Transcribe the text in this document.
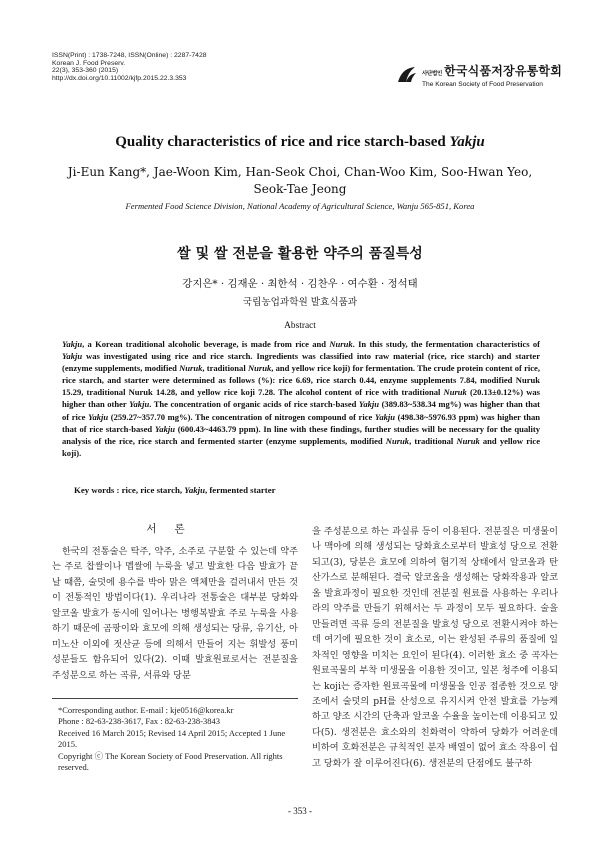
ISSN(Print) : 1738-7248, ISSN(Online) : 2287-7428
Korean J. Food Preserv.
22(3), 353-360 (2015)
http://dx.doi.org/10.11002/kjfp.2015.22.3.353
사단법인 한국식품저장유통학회
The Korean Society of Food Preservation
Quality characteristics of rice and rice starch-based Yakju
Ji-Eun Kang*, Jae-Woon Kim, Han-Seok Choi, Chan-Woo Kim, Soo-Hwan Yeo,
Seok-Tae Jeong
Fermented Food Science Division, National Academy of Agricultural Science, Wanju 565-851, Korea
쌀 및 쌀 전분을 활용한 약주의 품질특성
강지은* · 김재운 · 최한석 · 김찬우 · 여수환 · 정석태
국립농업과학원 발효식품과
Abstract
Yakju, a Korean traditional alcoholic beverage, is made from rice and Nuruk. In this study, the fermentation characteristics of Yakju was investigated using rice and rice starch. Ingredients was classified into raw material (rice, rice starch) and starter (enzyme supplements, modified Nuruk, traditional Nuruk, and yellow rice koji) for fermentation. The crude protein content of rice, rice starch, and starter were determined as follows (%): rice 6.69, rice starch 0.44, enzyme supplements 7.84, modified Nuruk 15.29, traditional Nuruk 14.28, and yellow rice koji 7.28. The alcohol content of rice with traditional Nuruk (20.13±0.12%) was higher than other Yakju. The concentration of organic acids of rice starch-based Yakju (389.83~538.34 mg%) was higher than that of rice Yakju (259.27~357.70 mg%). The concentration of nitrogen compound of rice Yakju (498.38~5976.93 ppm) was higher than that of rice starch-based Yakju (600.43~4463.79 ppm). In line with these findings, further studies will be necessary for the quality analysis of the rice, rice starch and fermented starter (enzyme supplements, modified Nuruk, traditional Nuruk and yellow rice koji).
Key words : rice, rice starch, Yakju, fermented starter
서론

한국의 전통술은 탁주, 약주, 소주로 구분할 수 있는데 약주는 주로 찹쌀이나 멥쌀에 누룩을 넣고 발효한 다음 발효가 끝날 때쯤, 술덧에 용수를 박아 맑은 액체만을 걸러내서 만든 것이 전통적인 방법이다(1). 우리나라 전통술은 대부분 당화와 알코올 발효가 동시에 일어나는 병행복발효 주로 누룩을 사용하기 때문에 곰팡이와 효모에 의해 생성되는 당류, 유기산, 아미노산 이외에 젓산균 등에 의해서 만들어 지는 휘발성 풍미 성분들도 함유되어 있다(2). 이때 발효원료로서는 전분질을 주성분으로 하는 곡류, 서류와 당분

*Corresponding author. E-mail : kje0516@korea.kr
Phone : 82-63-238-3617, Fax : 82-63-238-3843
Received 16 March 2015; Revised 14 April 2015; Accepted 1 June 2015.
Copyright ⓒ The Korean Society of Food Preservation. All rights reserved.

을 주성분으로 하는 과실류 등이 이용된다. 전분질은 미생물이나 맥아에 의해 생성되는 당화효소로부터 발효성 당으로 전환되고(3), 당분은 효모에 의하여 혐기적 상태에서 알코올과 탄산가스로 분해된다. 결국 알코올을 생성해는 당화작용과 알코올 발효과정이 필요한 것인데 전분질 원료를 사용하는 우리나라의 약주를 만들기 위해서는 두 과정이 모두 필요하다. 술을 만들려면 곡류 등의 전분질을 발효성 당으로 전환시켜야 하는데 여기에 필요한 것이 효소로, 이는 완성된 주류의 품질에 일차적인 영향을 미치는 요인이 된다(4). 이러한 효소 중 곡자는 원료곡물의 부착 미생물을 이용한 것이고, 일본 청주에 이용되는 koji는 증자한 원료곡물에 미생물을 인공 접종한 것으로 양조에서 술덧의 pH를 산성으로 유지시켜 안전 발효를 가능케 하고 양조 시간의 단축과 알코올 수율을 높이는데 이용되고 있다(5). 생전분은 효소와의 친화력이 약하여 당화가 어려운데 비하여 호화전분은 규칙적인 분자 배열이 없어 효소 작용이 쉽고 당화가 잘 이루어진다(6). 생전분의 단점에도 불구하

- 353 -
